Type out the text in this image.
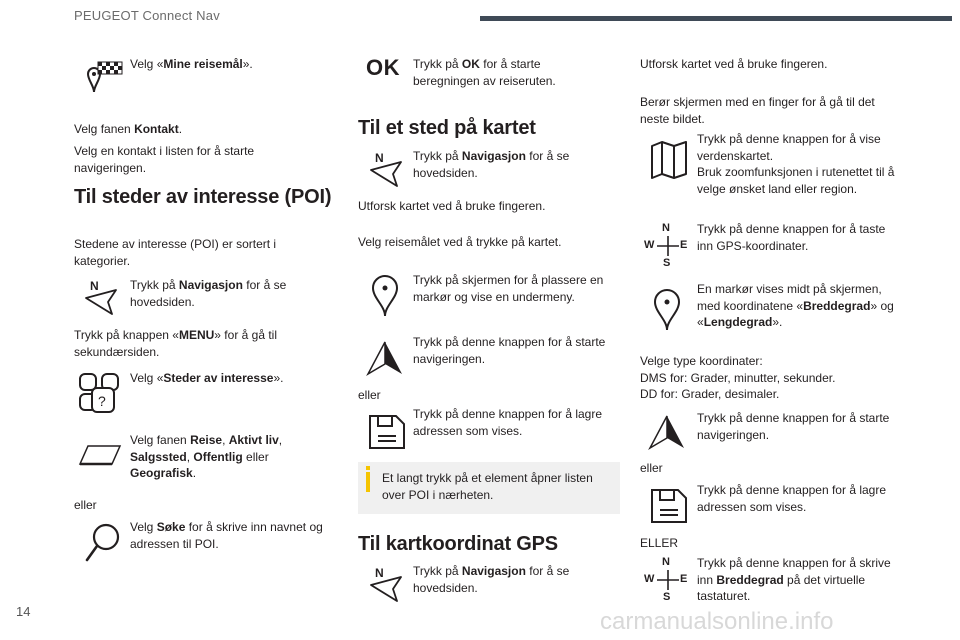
PEUGEOT Connect Nav

Velg «Mine reisemål».

Velg fanen Kontakt.

Velg en kontakt i listen for å starte navigeringen.

Til steder av interesse (POI)

Stedene av interesse (POI) er sortert i kategorier.

N	Trykk på Navigasjon for å se hovedsiden.

Trykk på knappen «MENU» for å gå til sekundærsiden.

?

Velg «Steder av interesse».

Velg fanen Reise, Aktivt liv,
Salgssted, Offentlig eller
Geografisk.

eller

Velg Søke for å skrive inn navnet og adressen til POI.

OK Trykk på OK for å starte beregningen av reiseruten.

Til et sted på kartet
N Trykk på Navigasjon for å se hovedsiden.

Utforsk kartet ved å bruke fingeren.

Velg reisemålet ved å trykke på kartet.

Trykk på skjermen for å plassere en markør og vise en undermeny.

Trykk på denne knappen for å starte navigeringen.

eller

Trykk på denne knappen for å lagre adressen som vises.

Et langt trykk på et element åpner listen over POI i nærheten.

Til kartkoordinat GPS
N Trykk på Navigasjon for å se hovedsiden.

Utforsk kartet ved å bruke fingeren.

Berør skjermen med en finger for å gå til det neste bildet.

Trykk på denne knappen for å vise verdenskartet.
Bruk zoomfunksjonen i rutenettet til å velge ønsket land eller region.

N
W E
S

Trykk på denne knappen for å taste inn GPS-koordinater.

En markør vises midt på skjermen, med koordinatene «Breddegrad» og «Lengdegrad».

Velge type koordinater:
DMS for: Grader, minutter, sekunder.
DD for: Grader, desimaler.

Trykk på denne knappen for å starte navigeringen.

eller

Trykk på denne knappen for å lagre adressen som vises.

ELLER

N
W E
S

Trykk på denne knappen for å skrive inn Breddegrad på det virtuelle tastaturet.

14	carmanualsonline.info
